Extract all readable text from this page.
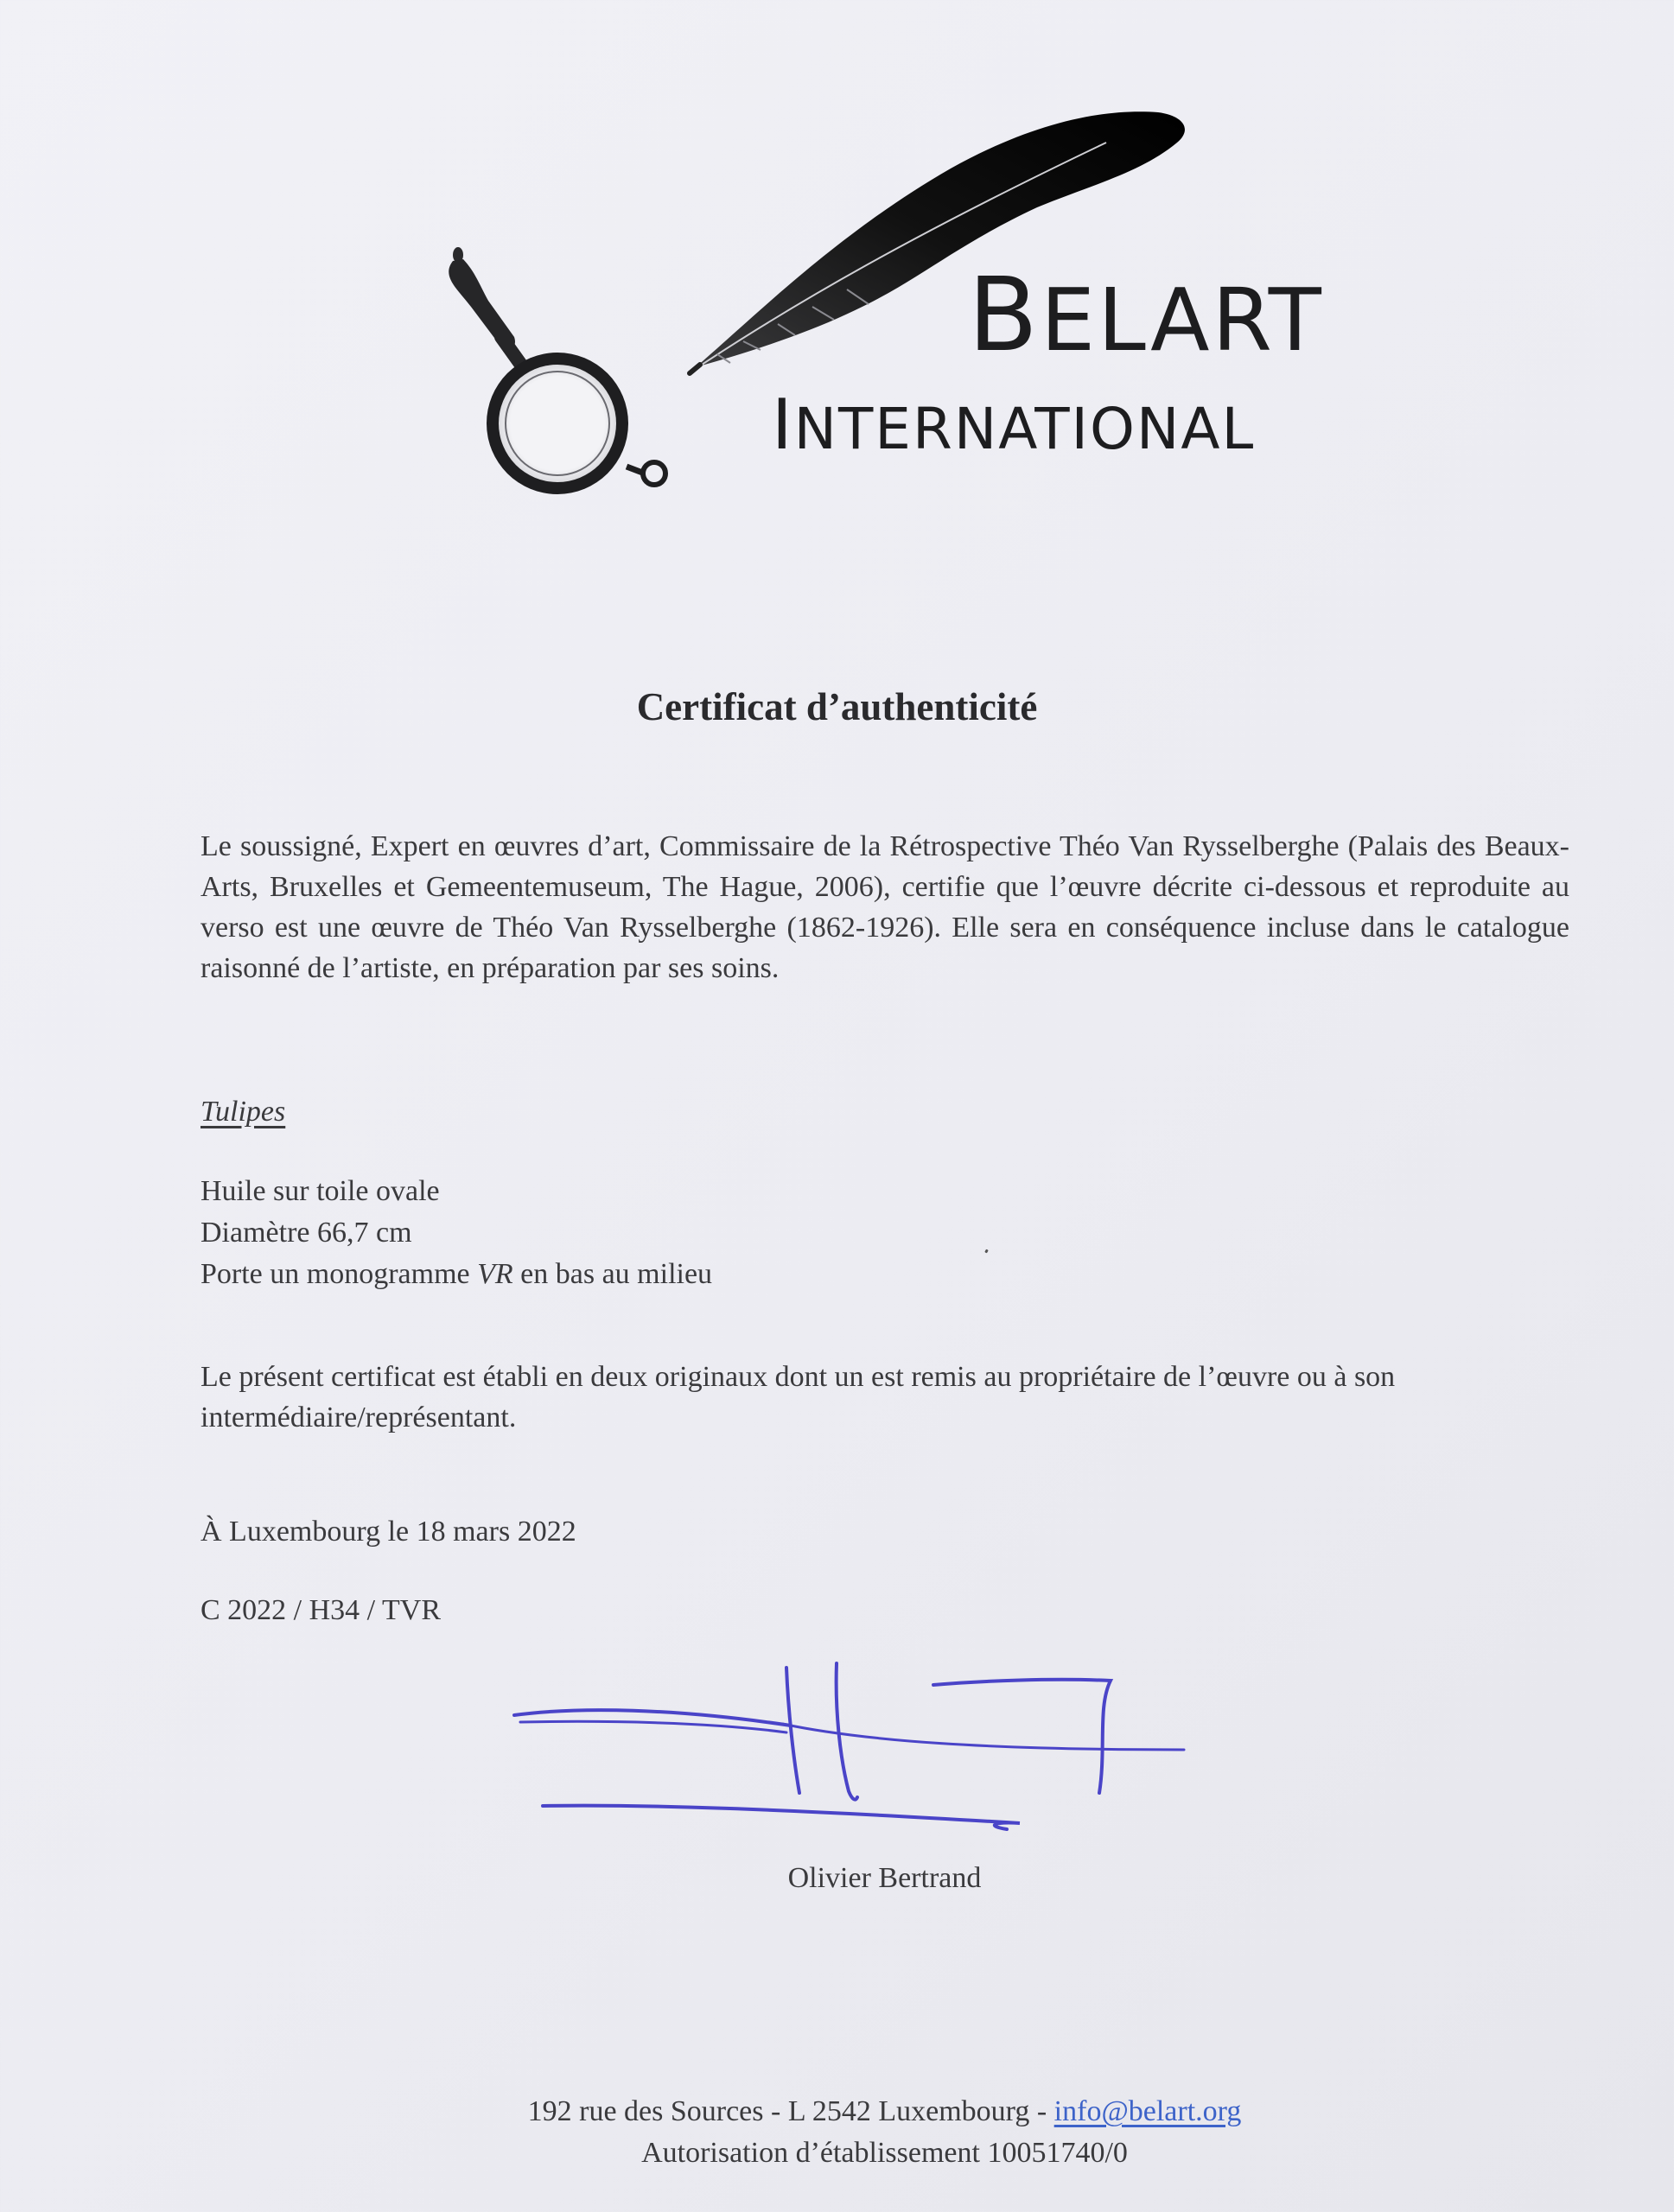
BELART
INTERNATIONAL
Certificat d’authenticité

Le soussigné, Expert en œuvres d’art, Commissaire de la Rétrospective Théo Van Rysselberghe (Palais des Beaux-Arts, Bruxelles et Gemeentemuseum, The Hague, 2006), certifie que l’œuvre décrite ci-dessous et reproduite au verso est une œuvre de Théo Van Rysselberghe (1862-1926). Elle sera en conséquence incluse dans le catalogue raisonné de l’artiste, en préparation par ses soins.

Tulipes
Huile sur toile ovale
Diamètre 66,7 cm
Porte un monogramme VR en bas au milieu

Le présent certificat est établi en deux originaux dont un est remis au propriétaire de l’œuvre ou à son intermédiaire/représentant.

À Luxembourg le 18 mars 2022
C 2022 / H34 / TVR
Olivier Bertrand
192 rue des Sources - L 2542 Luxembourg - info@belart.org
Autorisation d’établissement 10051740/0
